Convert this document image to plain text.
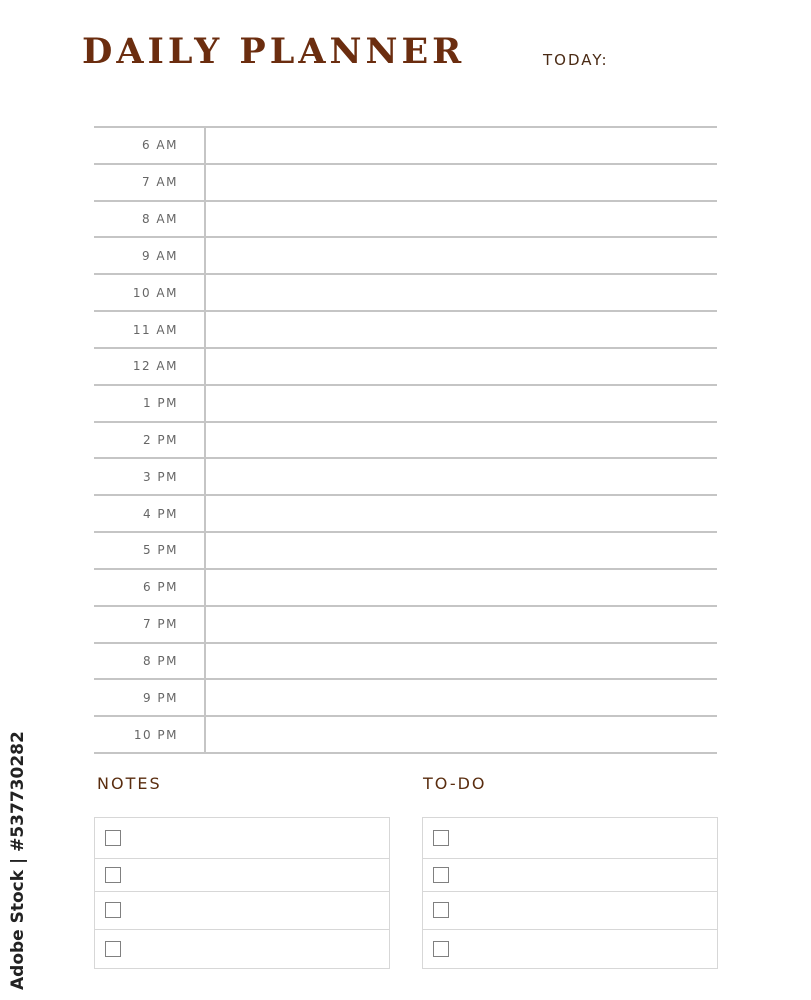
DAILY PLANNER	TODAY:
6 AM
7 AM
8 AM
9 AM
10 AM
11 AM
12 AM
1 PM
2 PM
3 PM
4 PM
5 PM
6 PM
7 PM
8 PM
9 PM
10 PM
NOTES	TO-DO
Adobe Stock | #537730282
